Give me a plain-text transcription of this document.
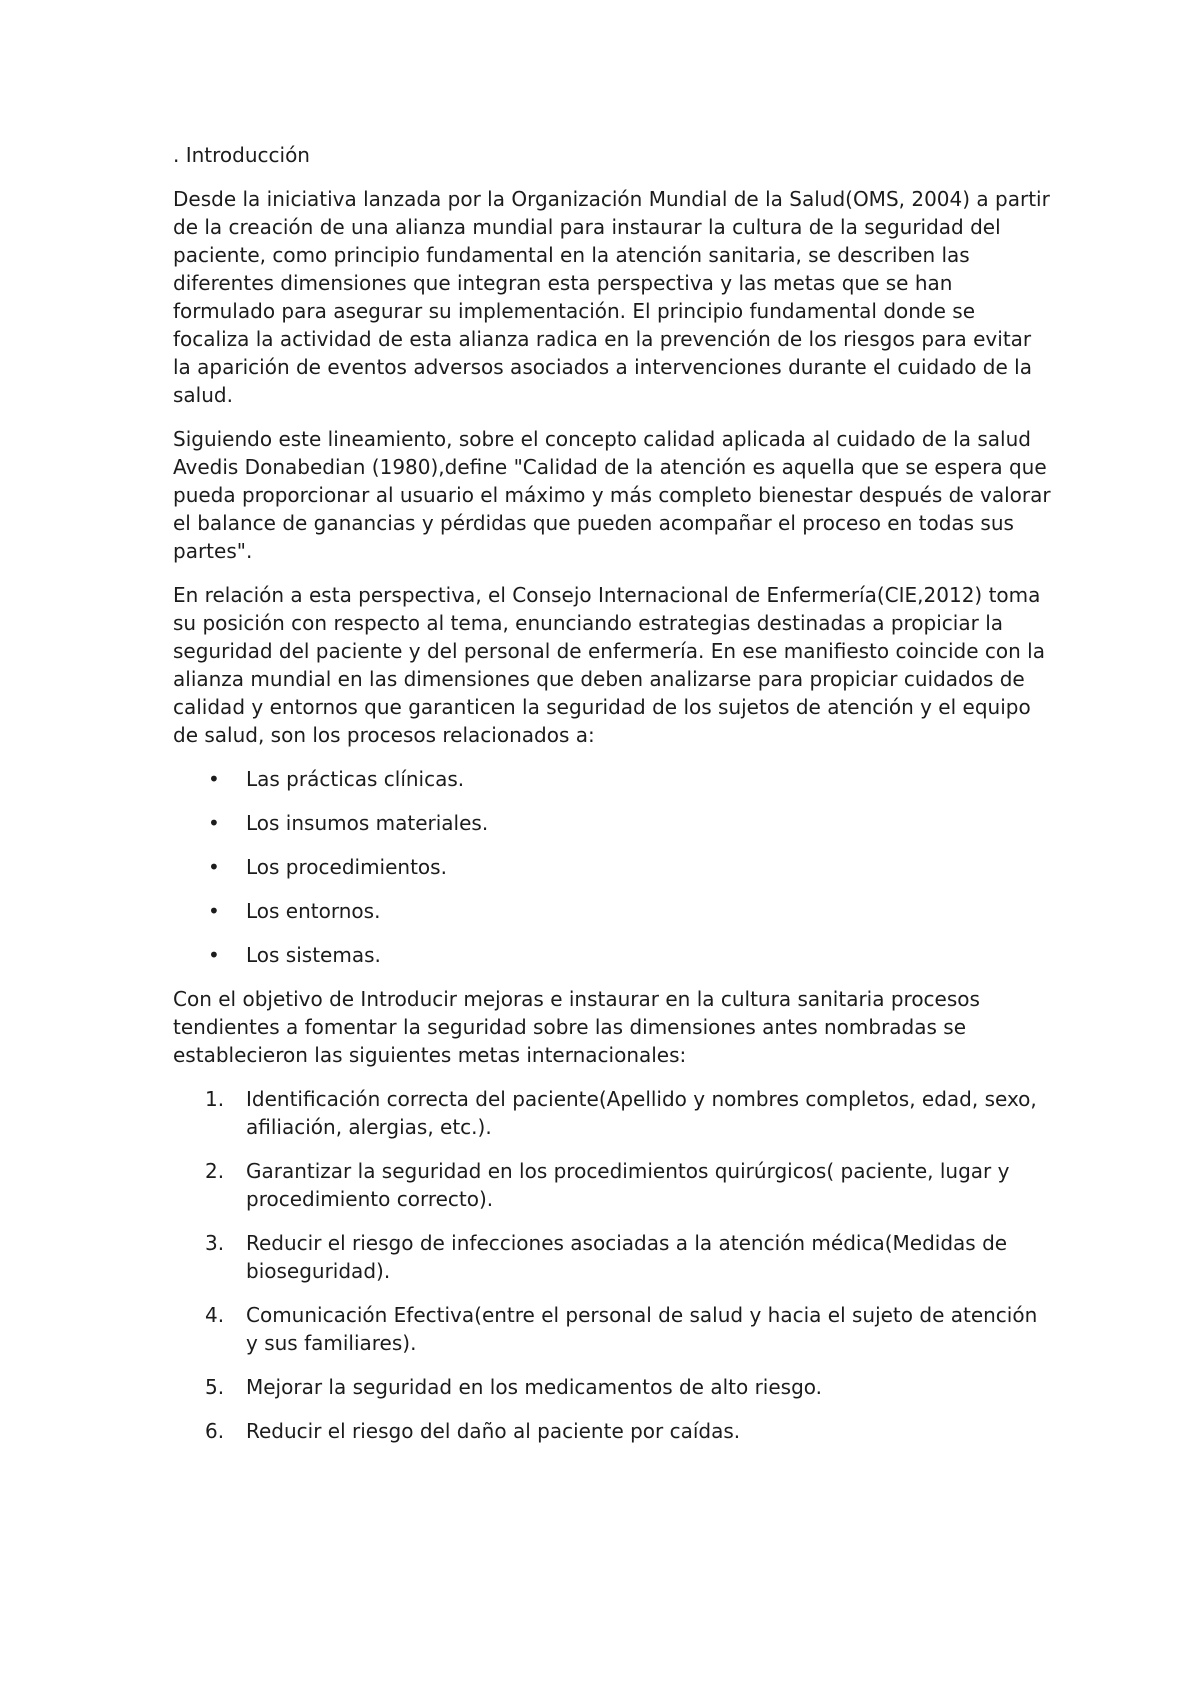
. Introducción

Desde la iniciativa lanzada por la Organización Mundial de la Salud(OMS, 2004) a partir de la creación de una alianza mundial para instaurar la cultura de la seguridad del paciente, como principio fundamental en la atención sanitaria, se describen las diferentes dimensiones que integran esta perspectiva y las metas que se han formulado para asegurar su implementación. El principio fundamental donde se focaliza la actividad de esta alianza radica en la prevención de los riesgos para evitar la aparición de eventos adversos asociados a intervenciones durante el cuidado de la salud.

Siguiendo este lineamiento, sobre el concepto calidad aplicada al cuidado de la salud Avedis Donabedian (1980),define "Calidad de la atención es aquella que se espera que pueda proporcionar al usuario el máximo y más completo bienestar después de valorar el balance de ganancias y pérdidas que pueden acompañar el proceso en todas sus partes".

En relación a esta perspectiva, el Consejo Internacional de Enfermería(CIE,2012) toma su posición con respecto al tema, enunciando estrategias destinadas a propiciar la seguridad del paciente y del personal de enfermería. En ese manifiesto coincide con la alianza mundial en las dimensiones que deben analizarse para propiciar cuidados de calidad y entornos que garanticen la seguridad de los sujetos de atención y el equipo de salud, son los procesos relacionados a:

•	Las prácticas clínicas.
•	Los insumos materiales.
•	Los procedimientos.
•	Los entornos.
•	Los sistemas.

Con el objetivo de Introducir mejoras e instaurar en la cultura sanitaria procesos tendientes a fomentar la seguridad sobre las dimensiones antes nombradas se establecieron las siguientes metas internacionales:

1.	Identificación correcta del paciente(Apellido y nombres completos, edad, sexo, afiliación, alergias, etc.).
2.	Garantizar la seguridad en los procedimientos quirúrgicos( paciente, lugar y procedimiento correcto).
3.	Reducir el riesgo de infecciones asociadas a la atención médica(Medidas de bioseguridad).
4.	Comunicación Efectiva(entre el personal de salud y hacia el sujeto de atención y sus familiares).
5.	Mejorar la seguridad en los medicamentos de alto riesgo.
6.	Reducir el riesgo del daño al paciente por caídas.
